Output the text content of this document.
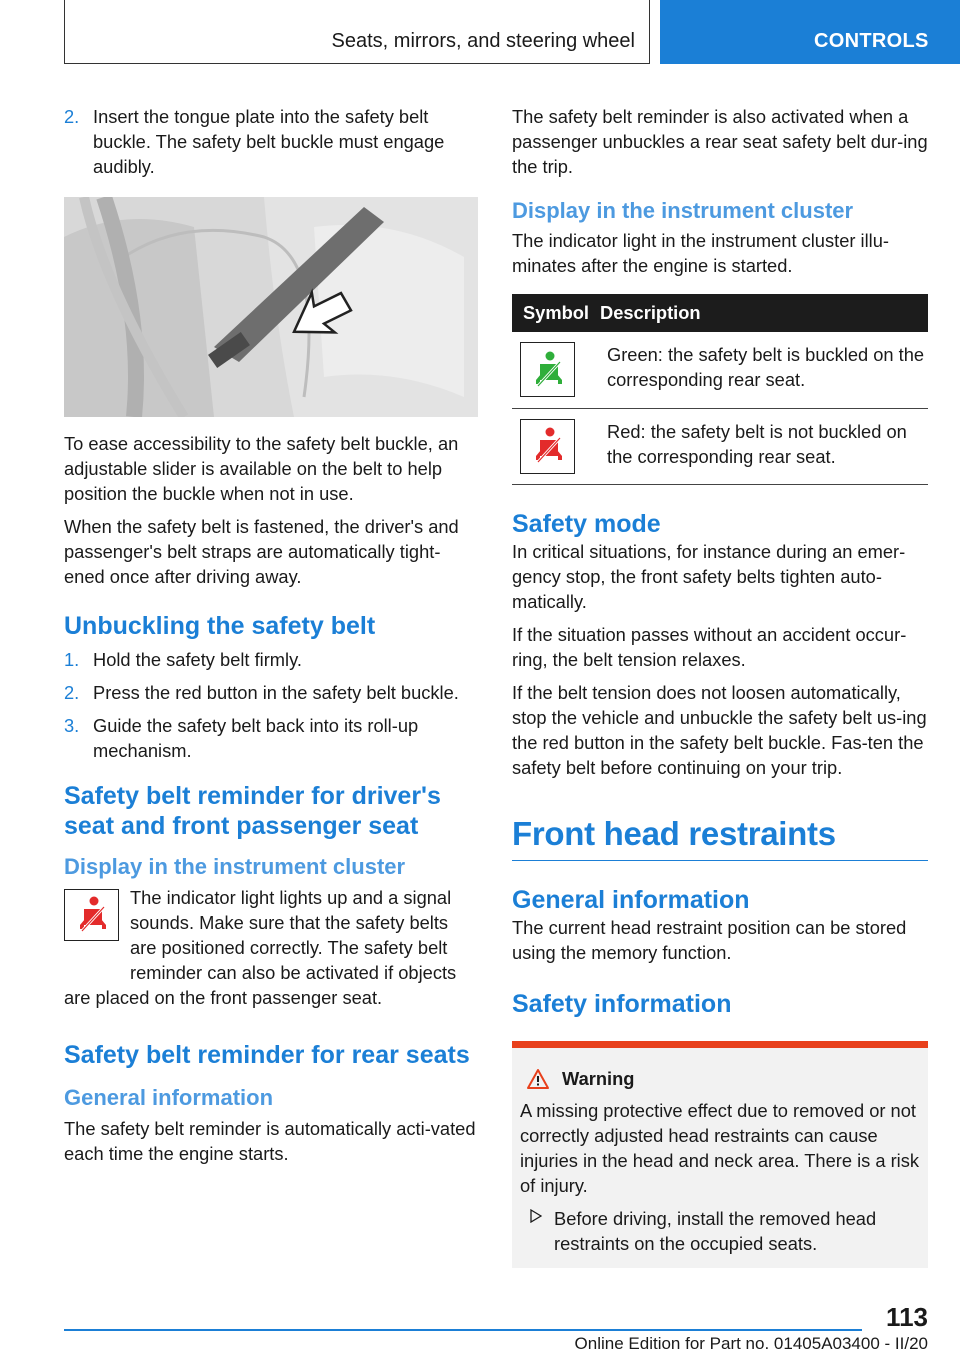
Seats, mirrors, and steering wheel	CONTROLS
2. Insert the tongue plate into the safety belt buckle. The safety belt buckle must engage audibly.

To ease accessibility to the safety belt buckle, an adjustable slider is available on the belt to help position the buckle when not in use.

When the safety belt is fastened, the driver's and passenger's belt straps are automatically tight-ened once after driving away.

Unbuckling the safety belt
1. Hold the safety belt firmly.
2. Press the red button in the safety belt buckle.
3. Guide the safety belt back into its roll-up mechanism.
Safety belt reminder for driver's seat and front passenger seat
Display in the instrument cluster

The indicator light lights up and a signal sounds. Make sure that the safety belts are positioned correctly. The safety belt reminder can also be activated if objects are placed on the front passenger seat.

Safety belt reminder for rear seats
General information

The safety belt reminder is automatically acti-vated each time the engine starts.

The safety belt reminder is also activated when a passenger unbuckles a rear seat safety belt dur-ing the trip.

Display in the instrument cluster

The indicator light in the instrument cluster illu-minates after the engine is started.

Symbol	Description

	Green: the safety belt is buckled on the corresponding rear seat.

	Red: the safety belt is not buckled on the corresponding rear seat.
Safety mode

In critical situations, for instance during an emer-gency stop, the front safety belts tighten auto-matically.

If the situation passes without an accident occur-ring, the belt tension relaxes.

If the belt tension does not loosen automatically, stop the vehicle and unbuckle the safety belt us-ing the red button in the safety belt buckle. Fas-ten the safety belt before continuing on your trip.

Front head restraints
General information

The current head restraint position can be stored using the memory function.

Safety information
Warning

A missing protective effect due to removed or not correctly adjusted head restraints can cause injuries in the head and neck area. There is a risk of injury.

Before driving, install the removed head restraints on the occupied seats.
113
Online Edition for Part no. 01405A03400 - II/20
